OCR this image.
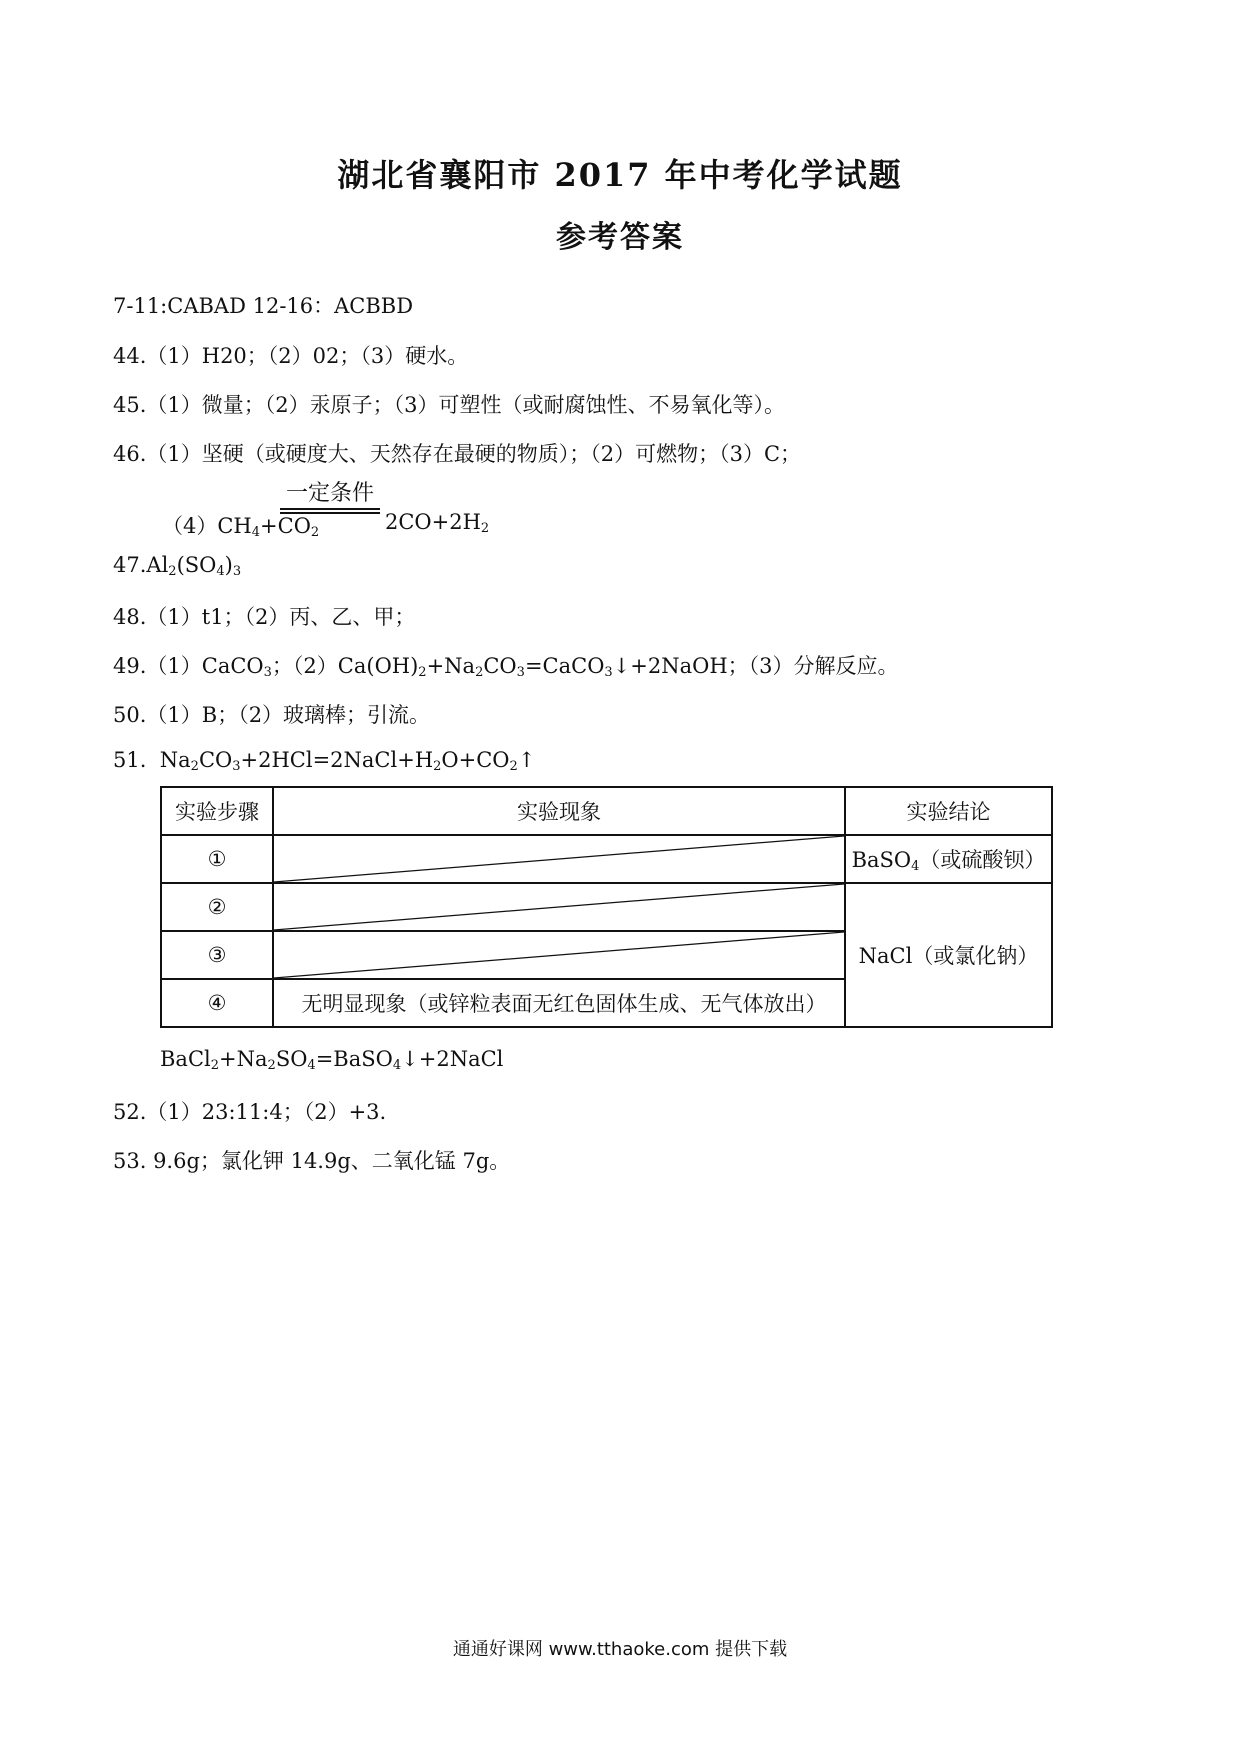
湖北省襄阳市 2017 年中考化学试题
参考答案
7-11:CABAD 12-16：ACBBD
44.（1）H20；（2）02；（3）硬水。
45.（1）微量；（2）汞原子；（3）可塑性（或耐腐蚀性、不易氧化等）。
46.（1）坚硬（或硬度大、天然存在最硬的物质）；（2）可燃物；（3）C；
$(4)CH_4+CO_2$
一定条件
$2CO+2H_2$
$47.Al_2(SO_4)_3$
48.（1）t1；（2）丙、乙、甲；
49.（1）CaCO$_3$；$(2)Ca(OH)_2+Na_2CO_3=CaCO_3↓+2NaOH$；（3）分解反应。
50.（1）B；（2）玻璃棒；引流。
51. $Na_2CO_3+2HCl=2NaCl+H_2O+CO_2↑$
实验步骤	实验现象	实验结论
①		BaSO$_4$（或硫酸钡）
②		NaCl（或氯化钠）
③	

④	无明显现象（或锌粒表面无红色固体生成、无气体放出）	
$BaCl_2+Na_2SO_4=BaSO_4↓+2NaCl$
52.（1）23:11:4；（2）+3.
53. 9.6g；氯化钾 14.9g、二氧化锰 7g。
通通好课网 www.tthaoke.com 提供下载
